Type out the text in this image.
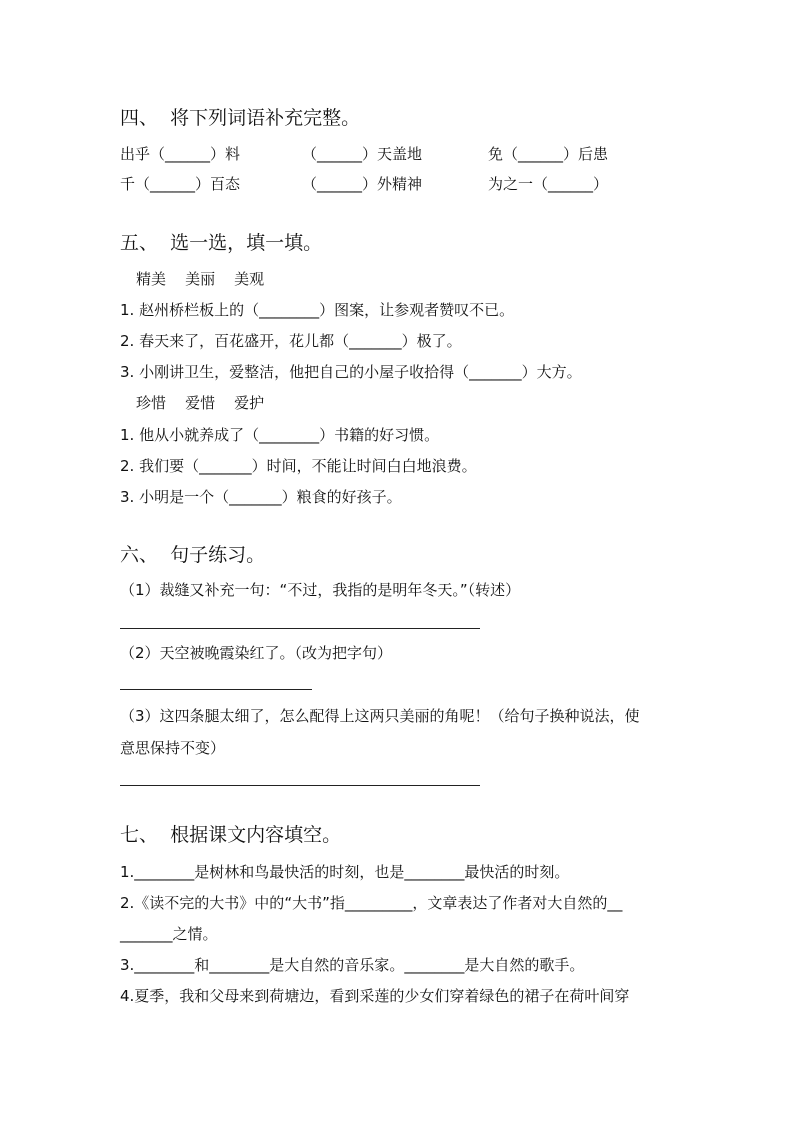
四、  将下列词语补充完整。
出乎（______）料	（______）天盖地	免（______）后患
千（______）百态	（______）外精神	为之一（______）
五、  选一选，填一填。
精美    美丽    美观
1. 赵州桥栏板上的（________）图案，让参观者赞叹不已。
2. 春天来了，百花盛开，花儿都（_______）极了。
3. 小刚讲卫生，爱整洁，他把自己的小屋子收拾得（_______）大方。
珍惜    爱惜    爱护
1. 他从小就养成了（________）书籍的好习惯。
2. 我们要（_______）时间，不能让时间白白地浪费。
3. 小明是一个（_______）粮食的好孩子。
六、  句子练习。
（1）裁缝又补充一句：“不过，我指的是明年冬天。”（转述）
（2）天空被晚霞染红了。（改为把字句）
（3）这四条腿太细了，怎么配得上这两只美丽的角呢！（给句子换种说法，使
意思保持不变）
七、  根据课文内容填空。
1.________是树林和鸟最快活的时刻，也是________最快活的时刻。
2.《读不完的大书》中的“大书”指_________，文章表达了作者对大自然的__
_______之情。
3.________和________是大自然的音乐家。________是大自然的歌手。
4.夏季，我和父母来到荷塘边，看到采莲的少女们穿着绿色的裙子在荷叶间穿
